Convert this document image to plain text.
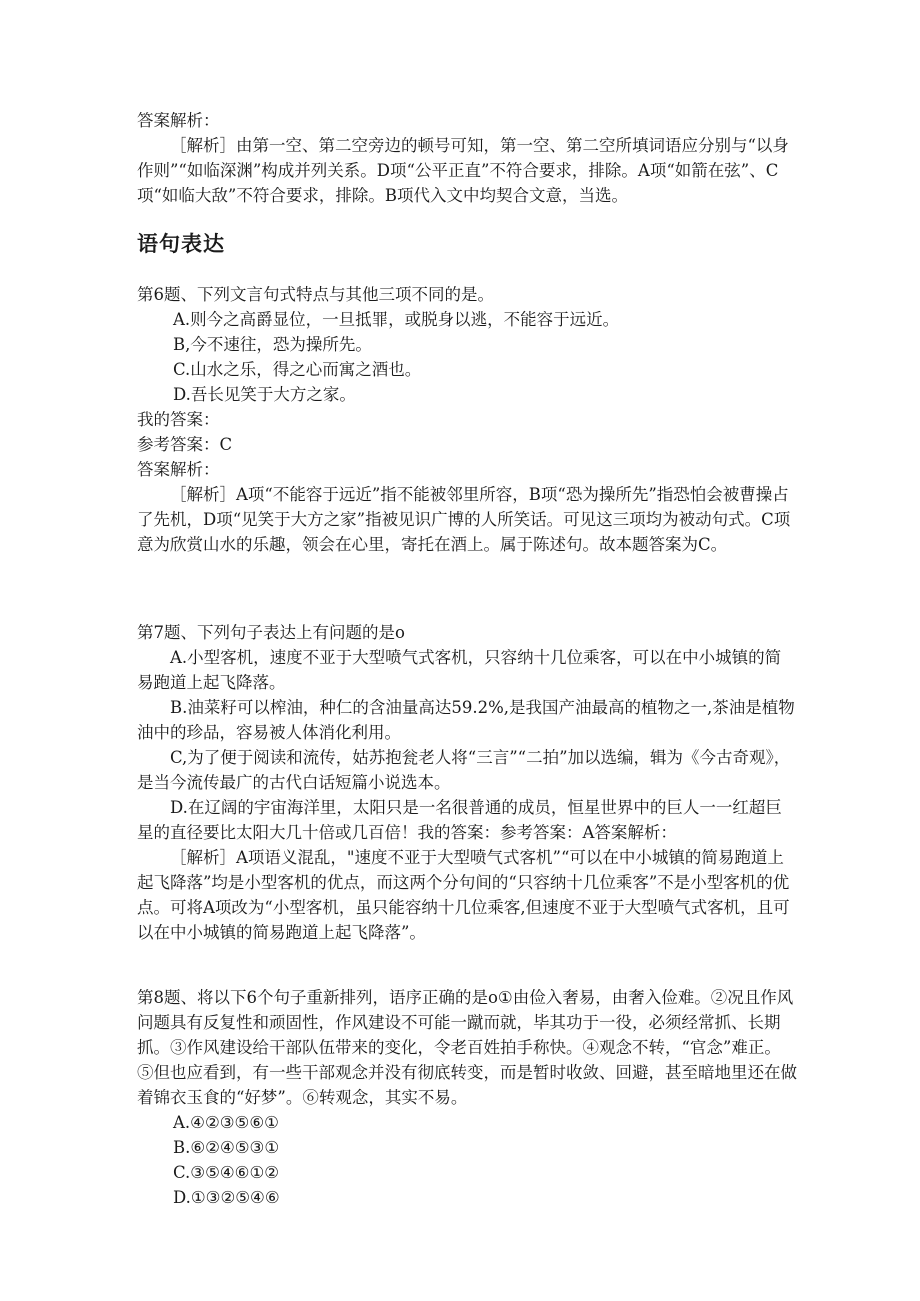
答案解析：

［解析］由第一空、第二空旁边的顿号可知，第一空、第二空所填词语应分别与“以身作则”“如临深渊”构成并列关系。D项“公平正直”不符合要求，排除。A项“如箭在弦”、C项“如临大敌”不符合要求，排除。B项代入文中均契合文意，当选。

语句表达

第6题、下列文言句式特点与其他三项不同的是。

A.则今之高爵显位，一旦抵罪，或脱身以逃，不能容于远近。

B,今不速往，恐为操所先。

C.山水之乐，得之心而寓之酒也。

D.吾长见笑于大方之家。

我的答案：

参考答案：C

答案解析：

［解析］A项“不能容于远近”指不能被邻里所容，B项“恐为操所先”指恐怕会被曹操占了先机，D项“见笑于大方之家”指被见识广博的人所笑话。可见这三项均为被动句式。C项意为欣赏山水的乐趣，领会在心里，寄托在酒上。属于陈述句。故本题答案为C。

第7题、下列句子表达上有问题的是o

A.小型客机，速度不亚于大型喷气式客机，只容纳十几位乘客，可以在中小城镇的简易跑道上起飞降落。

B.油菜籽可以榨油，种仁的含油量高达59.2%,是我国产油最高的植物之一,茶油是植物油中的珍品，容易被人体消化利用。

C,为了便于阅读和流传，姑苏抱瓮老人将“三言”“二拍”加以选编，辑为《今古奇观》，是当今流传最广的古代白话短篇小说选本。

D.在辽阔的宇宙海洋里，太阳只是一名很普通的成员，恒星世界中的巨人一一红超巨星的直径要比太阳大几十倍或几百倍！我的答案：参考答案：A答案解析：

［解析］A项语义混乱，"速度不亚于大型喷气式客机”“可以在中小城镇的简易跑道上起飞降落”均是小型客机的优点，而这两个分句间的“只容纳十几位乘客”不是小型客机的优点。可将A项改为“小型客机，虽只能容纳十几位乘客,但速度不亚于大型喷气式客机，且可以在中小城镇的简易跑道上起飞降落”。

第8题、将以下6个句子重新排列，语序正确的是o①由俭入奢易，由奢入俭难。②况且作风问题具有反复性和顽固性，作风建设不可能一蹴而就，毕其功于一役，必须经常抓、长期抓。③作风建设给干部队伍带来的变化，令老百姓拍手称快。④观念不转，“官念”难正。⑤但也应看到，有一些干部观念并没有彻底转变，而是暂时收敛、回避，甚至暗地里还在做着锦衣玉食的“好梦”。⑥转观念，其实不易。

A.④②③⑤⑥①

B.⑥②④⑤③①

C.③⑤④⑥①②

D.①③②⑤④⑥
